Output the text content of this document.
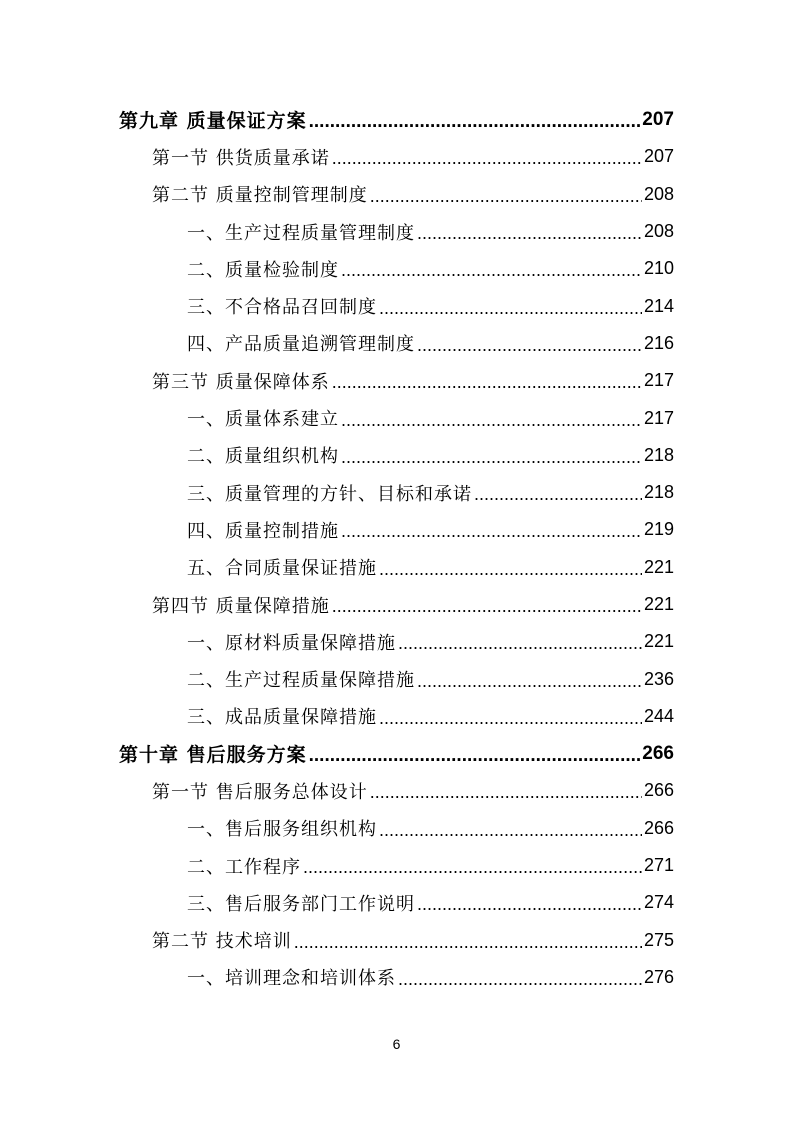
第九章 质量保证方案 .....	207
第一节 供货质量承诺 .....	207
第二节 质量控制管理制度 .....	208
一、生产过程质量管理制度 .....	208
二、质量检验制度 .....	210
三、不合格品召回制度 .....	214
四、产品质量追溯管理制度 .....	216
第三节 质量保障体系 .....	217
一、质量体系建立 .....	217
二、质量组织机构 .....	218
三、质量管理的方针、目标和承诺 .....	218
四、质量控制措施 .....	219
五、合同质量保证措施 .....	221
第四节 质量保障措施 .....	221
一、原材料质量保障措施 .....	221
二、生产过程质量保障措施 .....	236
三、成品质量保障措施 .....	244
第十章 售后服务方案 .....	266
第一节 售后服务总体设计 .....	266
一、售后服务组织机构 .....	266
二、工作程序 .....	271
三、售后服务部门工作说明 .....	274
第二节 技术培训 .....	275
一、培训理念和培训体系 .....	276
6
